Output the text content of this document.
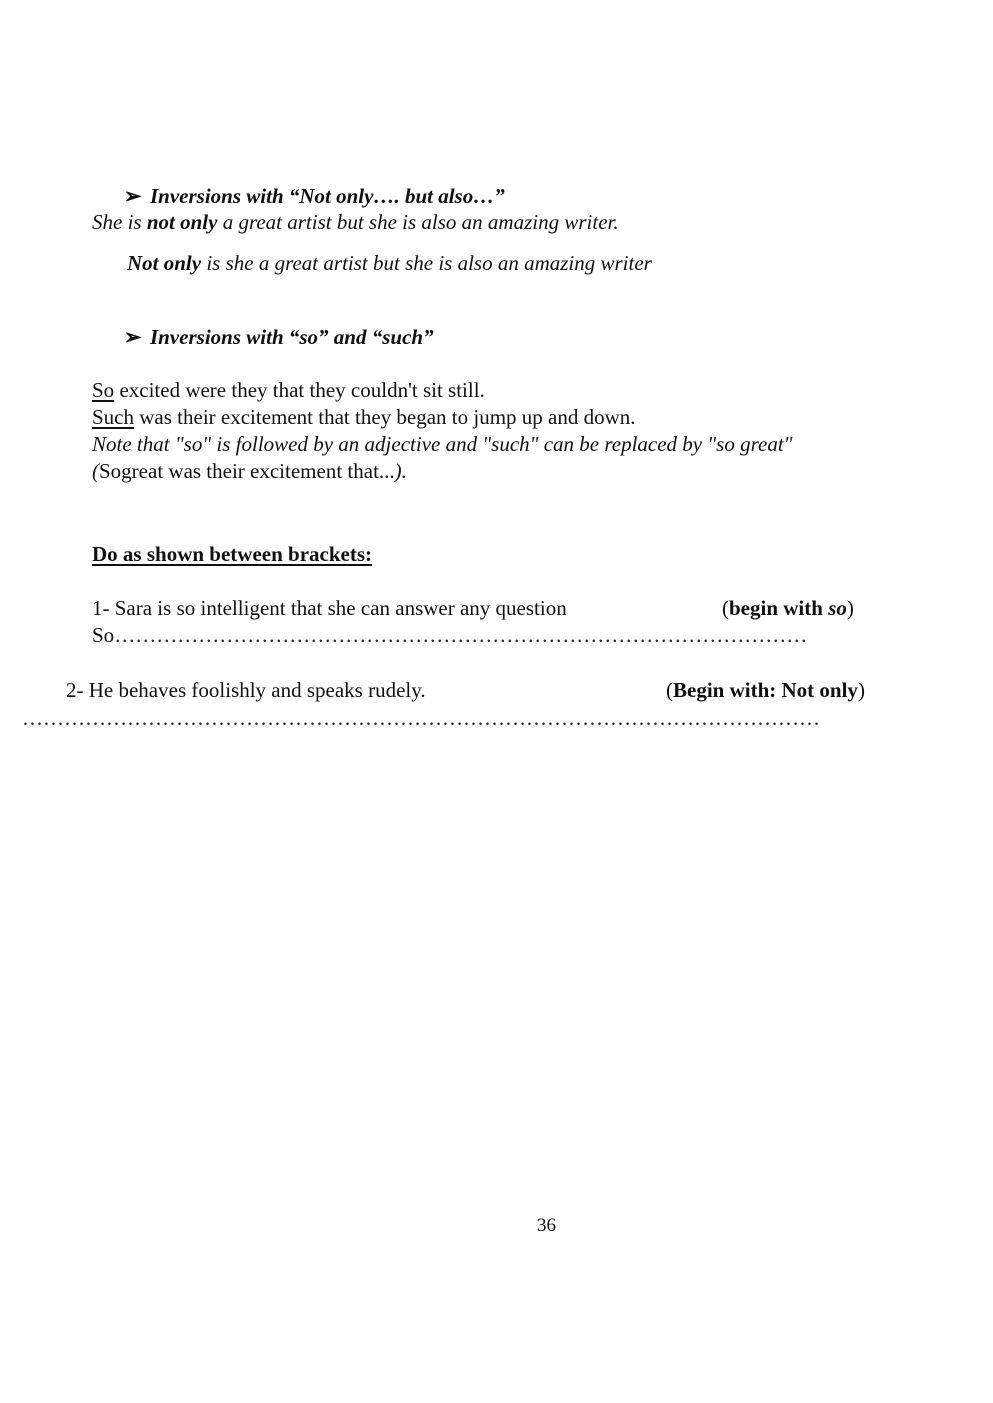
➢ Inversions with “Not only…. but also…”
She is not only a great artist but she is also an amazing writer.
Not only is she a great artist but she is also an amazing writer
➢ Inversions with “so” and “such”
So excited were they that they couldn't sit still.
Such was their excitement that they began to jump up and down.
Note that "so" is followed by an adjective and "such" can be replaced by "so great"
(Sogreat was their excitement that...).
Do as shown between brackets:
1- Sara is so intelligent that she can answer any question	(begin with so)
So………………………………………………………………………………………
2- He behaves foolishly and speaks rudely.	(Begin with: Not only)
……………………………………………………………………………………………………
36
